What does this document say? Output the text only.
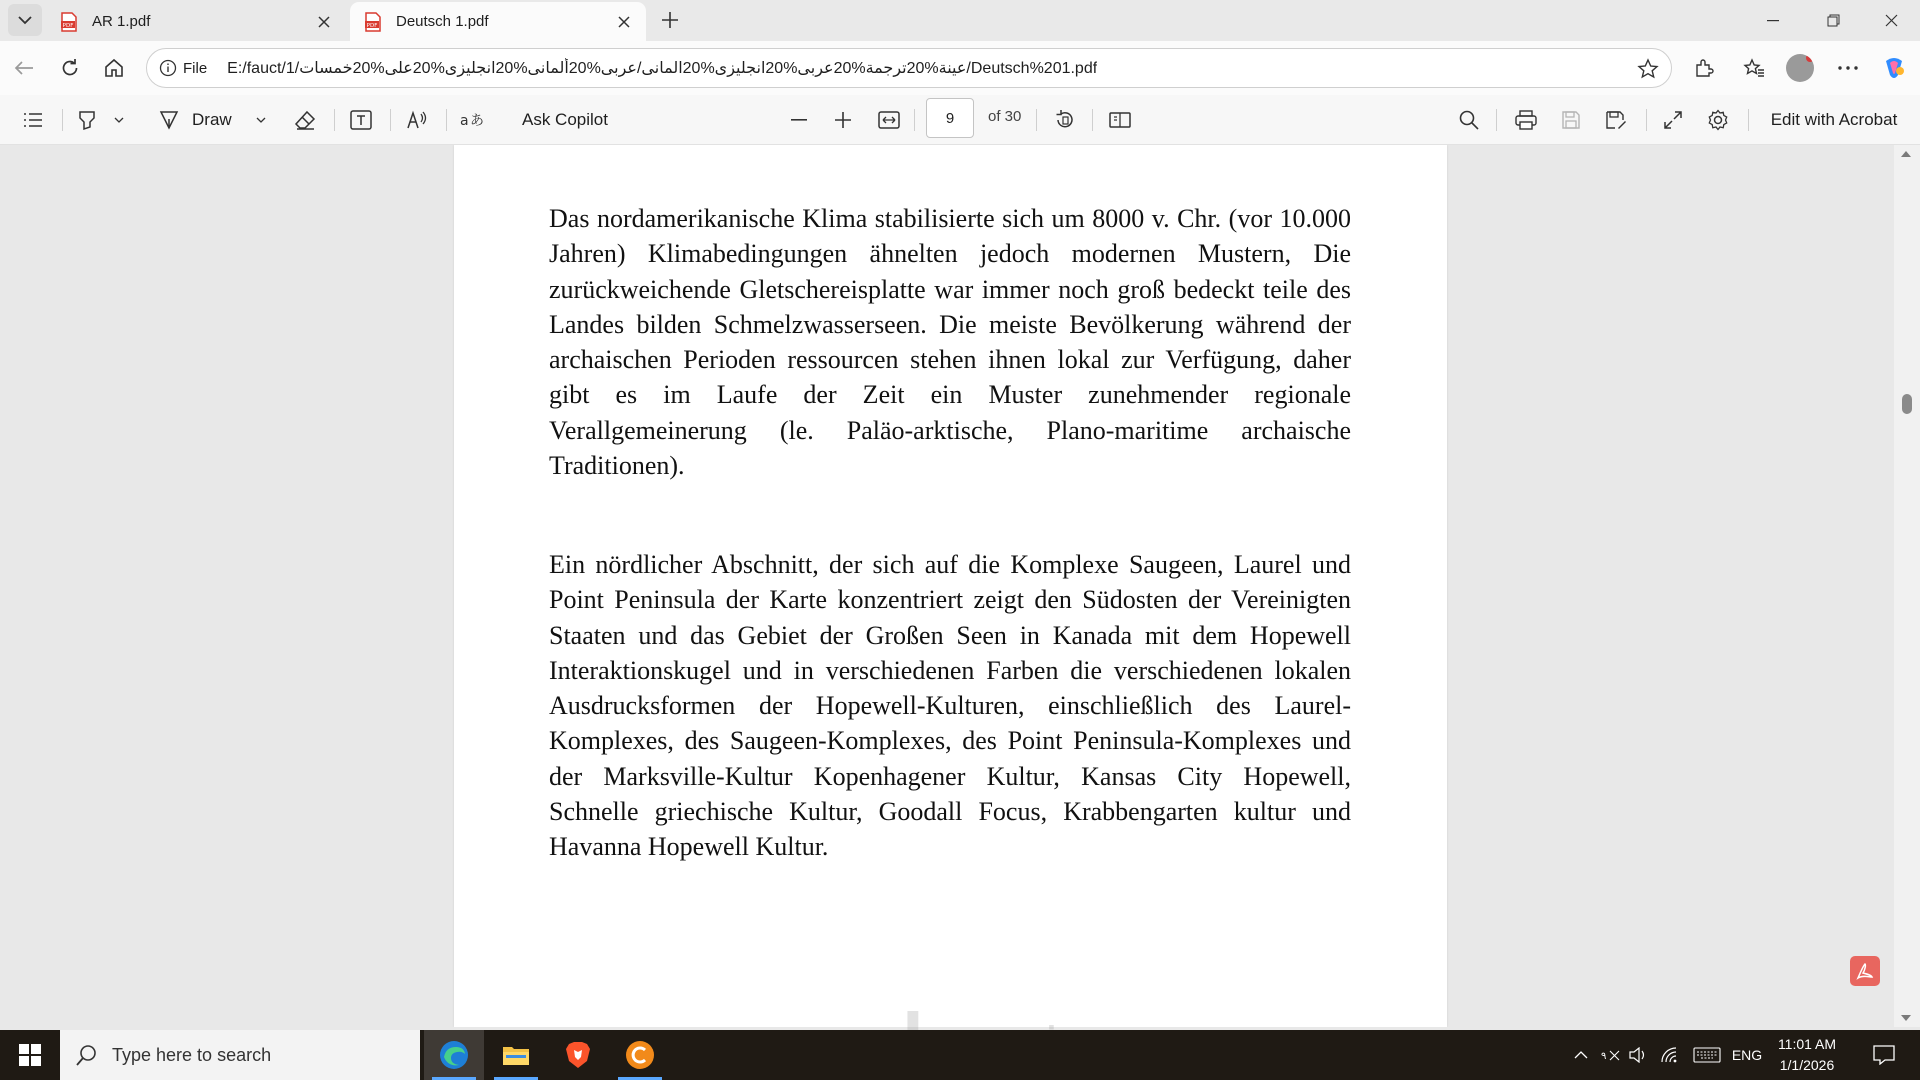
PDF AR 1.pdf	PDF Deutsch 1.pdf
File E:/fauct/1/عينة%20ترجمة%20عربى%20انجليزى%20المانى/عربى%20ألمانى%20انجليزى%20على%20خمسات/Deutsch%201.pdf
Draw	a あ Ask Copilot	9	of 30	Edit with Acrobat

Das nordamerikanische Klima stabilisierte sich um 8000 v. Chr. (vor 10.000 Jahren) Klimabedingungen ähnelten jedoch modernen Mustern, Die zurückweichende Gletschereisplatte war immer noch groß bedeckt teile des Landes bilden Schmelzwasserseen. Die meiste Bevölkerung während der archaischen Perioden ressourcen stehen ihnen lokal zur Verfügung, daher gibt es im Laufe der Zeit ein Muster zunehmender regionale Verallgemeinerung (le. Paläo-arktische, Plano-maritime archaische Traditionen).

Ein nördlicher Abschnitt, der sich auf die Komplexe Saugeen, Laurel und Point Peninsula der Karte konzentriert zeigt den Südosten der Vereinigten Staaten und das Gebiet der Großen Seen in Kanada mit dem Hopewell Interaktionskugel und in verschiedenen Farben die verschiedenen lokalen Ausdrucksformen der Hopewell-Kulturen, einschließlich des Laurel-Komplexes, des Saugeen-Komplexes, des Point Peninsula-Komplexes und der Marksville-Kultur Kopenhagener Kultur, Kansas City Hopewell, Schnelle griechische Kultur, Goodall Focus, Krabbengarten kultur und Havanna Hopewell Kultur.

Type here to search	٩	ENG
11:01 AM
1/1/2026
